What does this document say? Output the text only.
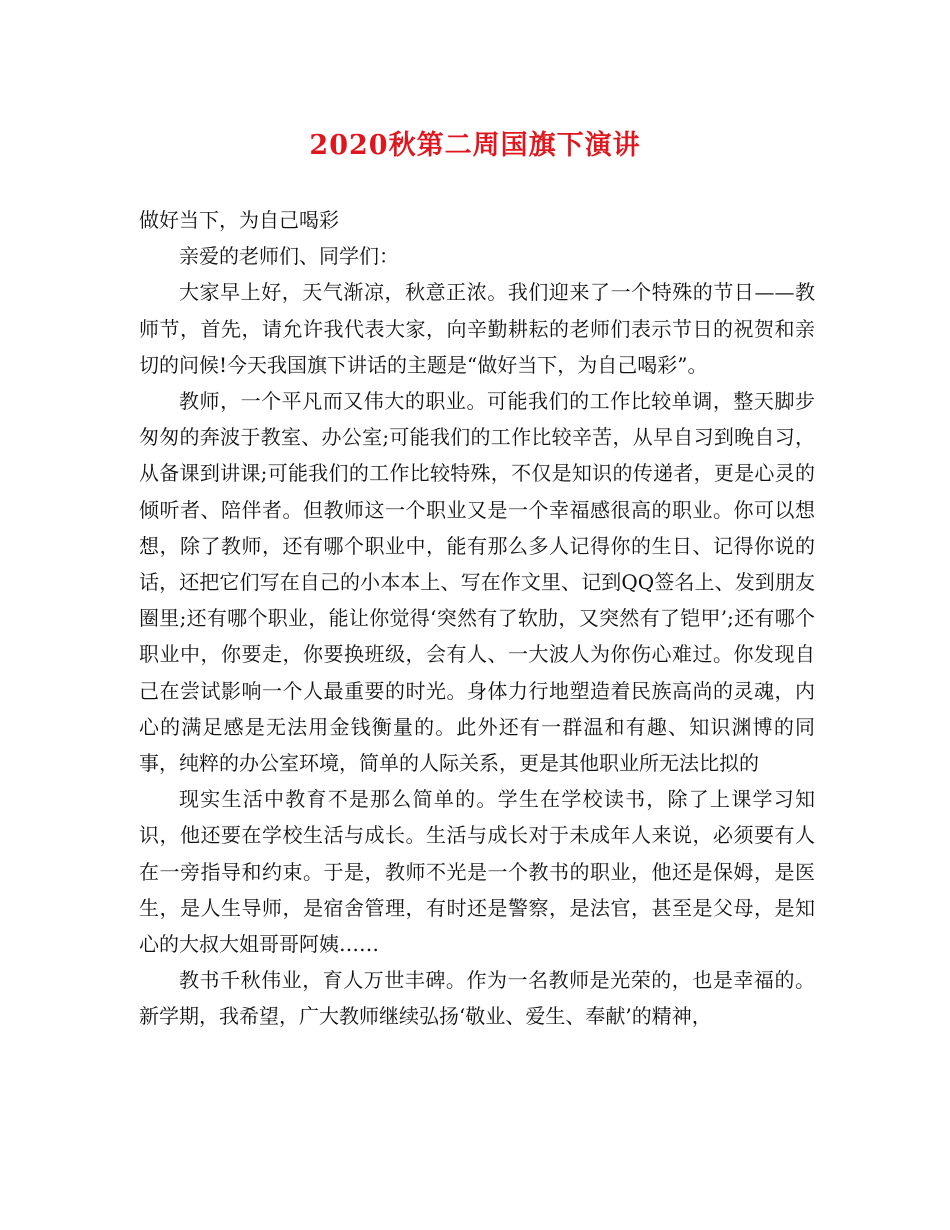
2020秋第二周国旗下演讲

做好当下，为自己喝彩

亲爱的老师们、同学们：

大家早上好，天气渐凉，秋意正浓。我们迎来了一个特殊的节日——教师节，首先，请允许我代表大家，向辛勤耕耘的老师们表示节日的祝贺和亲切的问候!今天我国旗下讲话的主题是“做好当下，为自己喝彩”。

教师，一个平凡而又伟大的职业。可能我们的工作比较单调，整天脚步匆匆的奔波于教室、办公室;可能我们的工作比较辛苦，从早自习到晚自习，从备课到讲课;可能我们的工作比较特殊，不仅是知识的传递者，更是心灵的倾听者、陪伴者。但教师这一个职业又是一个幸福感很高的职业。你可以想想，除了教师，还有哪个职业中，能有那么多人记得你的生日、记得你说的话，还把它们写在自己的小本本上、写在作文里、记到QQ签名上、发到朋友圈里;还有哪个职业，能让你觉得‘突然有了软肋，又突然有了铠甲’;还有哪个职业中，你要走，你要换班级，会有人、一大波人为你伤心难过。你发现自己在尝试影响一个人最重要的时光。身体力行地塑造着民族高尚的灵魂，内心的满足感是无法用金钱衡量的。此外还有一群温和有趣、知识渊博的同事，纯粹的办公室环境，简单的人际关系，更是其他职业所无法比拟的

现实生活中教育不是那么简单的。学生在学校读书，除了上课学习知识，他还要在学校生活与成长。生活与成长对于未成年人来说，必须要有人在一旁指导和约束。于是，教师不光是一个教书的职业，他还是保姆，是医生，是人生导师，是宿舍管理，有时还是警察，是法官，甚至是父母，是知心的大叔大姐哥哥阿姨……

教书千秋伟业，育人万世丰碑。作为一名教师是光荣的，也是幸福的。新学期，我希望，广大教师继续弘扬‘敬业、爱生、奉献’的精神，
